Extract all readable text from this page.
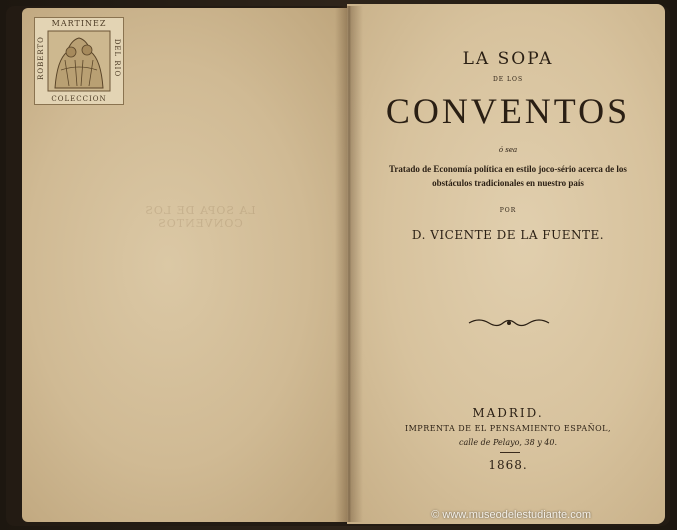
LA SOPA DE LOS CONVENTOS
MARTINEZ
ROBERTO	DEL RIO
COLECCION
LA SOPA
DE LOS
CONVENTOS
ó sea
Tratado de Economía política en estilo joco-sério acerca de los obstáculos tradicionales en nuestro país
POR
D. VICENTE DE LA FUENTE.
MADRID.
IMPRENTA DE EL PENSAMIENTO ESPAÑOL,
calle de Pelayo, 38 y 40.
1868.
© www.museodelestudiante.com
